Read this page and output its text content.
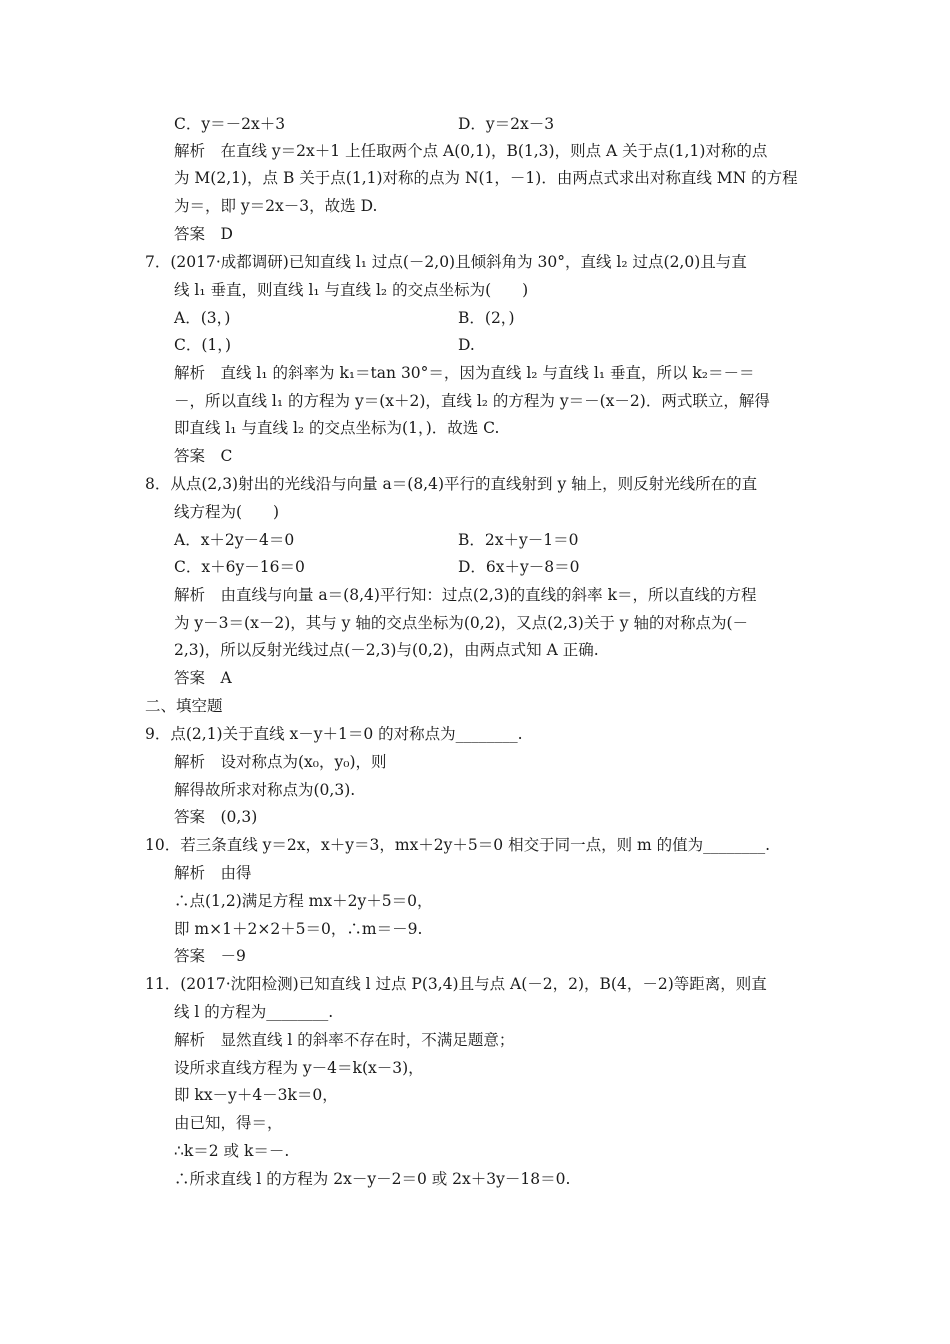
C．y＝－2x＋3	D．y＝2x－3
解析　在直线 y＝2x＋1 上任取两个点 A(0,1)，B(1,3)，则点 A 关于点(1,1)对称的点
为 M(2,1)，点 B 关于点(1,1)对称的点为 N(1，－1)．由两点式求出对称直线 MN 的方程
为＝，即 y＝2x－3，故选 D.
答案　D
7．(2017·成都调研)已知直线 l₁ 过点(－2,0)且倾斜角为 30°，直线 l₂ 过点(2,0)且与直
线 l₁ 垂直，则直线 l₁ 与直线 l₂ 的交点坐标为(　　)
A．(3，)	B．(2，)
C．(1，)	D.
解析　直线 l₁ 的斜率为 k₁＝tan 30°＝，因为直线 l₂ 与直线 l₁ 垂直，所以 k₂＝－＝
－，所以直线 l₁ 的方程为 y＝(x＋2)，直线 l₂ 的方程为 y＝－(x－2)．两式联立，解得
即直线 l₁ 与直线 l₂ 的交点坐标为(1，)．故选 C.
答案　C
8．从点(2,3)射出的光线沿与向量 a＝(8,4)平行的直线射到 y 轴上，则反射光线所在的直
线方程为(　　)
A．x＋2y－4＝0	B．2x＋y－1＝0
C．x＋6y－16＝0	D．6x＋y－8＝0
解析　由直线与向量 a＝(8,4)平行知：过点(2,3)的直线的斜率 k＝，所以直线的方程
为 y－3＝(x－2)，其与 y 轴的交点坐标为(0,2)，又点(2,3)关于 y 轴的对称点为(－
2,3)，所以反射光线过点(－2,3)与(0,2)，由两点式知 A 正确.
答案　A
二、填空题
9．点(2,1)关于直线 x－y＋1＝0 的对称点为________.
解析　设对称点为(x₀，y₀)，则
解得故所求对称点为(0,3).
答案　(0,3)
10．若三条直线 y＝2x，x＋y＝3，mx＋2y＋5＝0 相交于同一点，则 m 的值为________.
解析　由得
∴点(1,2)满足方程 mx＋2y＋5＝0，
即 m×1＋2×2＋5＝0，∴m＝－9.
答案　－9
11．(2017·沈阳检测)已知直线 l 过点 P(3,4)且与点 A(－2，2)，B(4，－2)等距离，则直
线 l 的方程为________.
解析　显然直线 l 的斜率不存在时，不满足题意；
设所求直线方程为 y－4＝k(x－3)，
即 kx－y＋4－3k＝0，
由已知，得＝，
∴k＝2 或 k＝－.
∴所求直线 l 的方程为 2x－y－2＝0 或 2x＋3y－18＝0.
